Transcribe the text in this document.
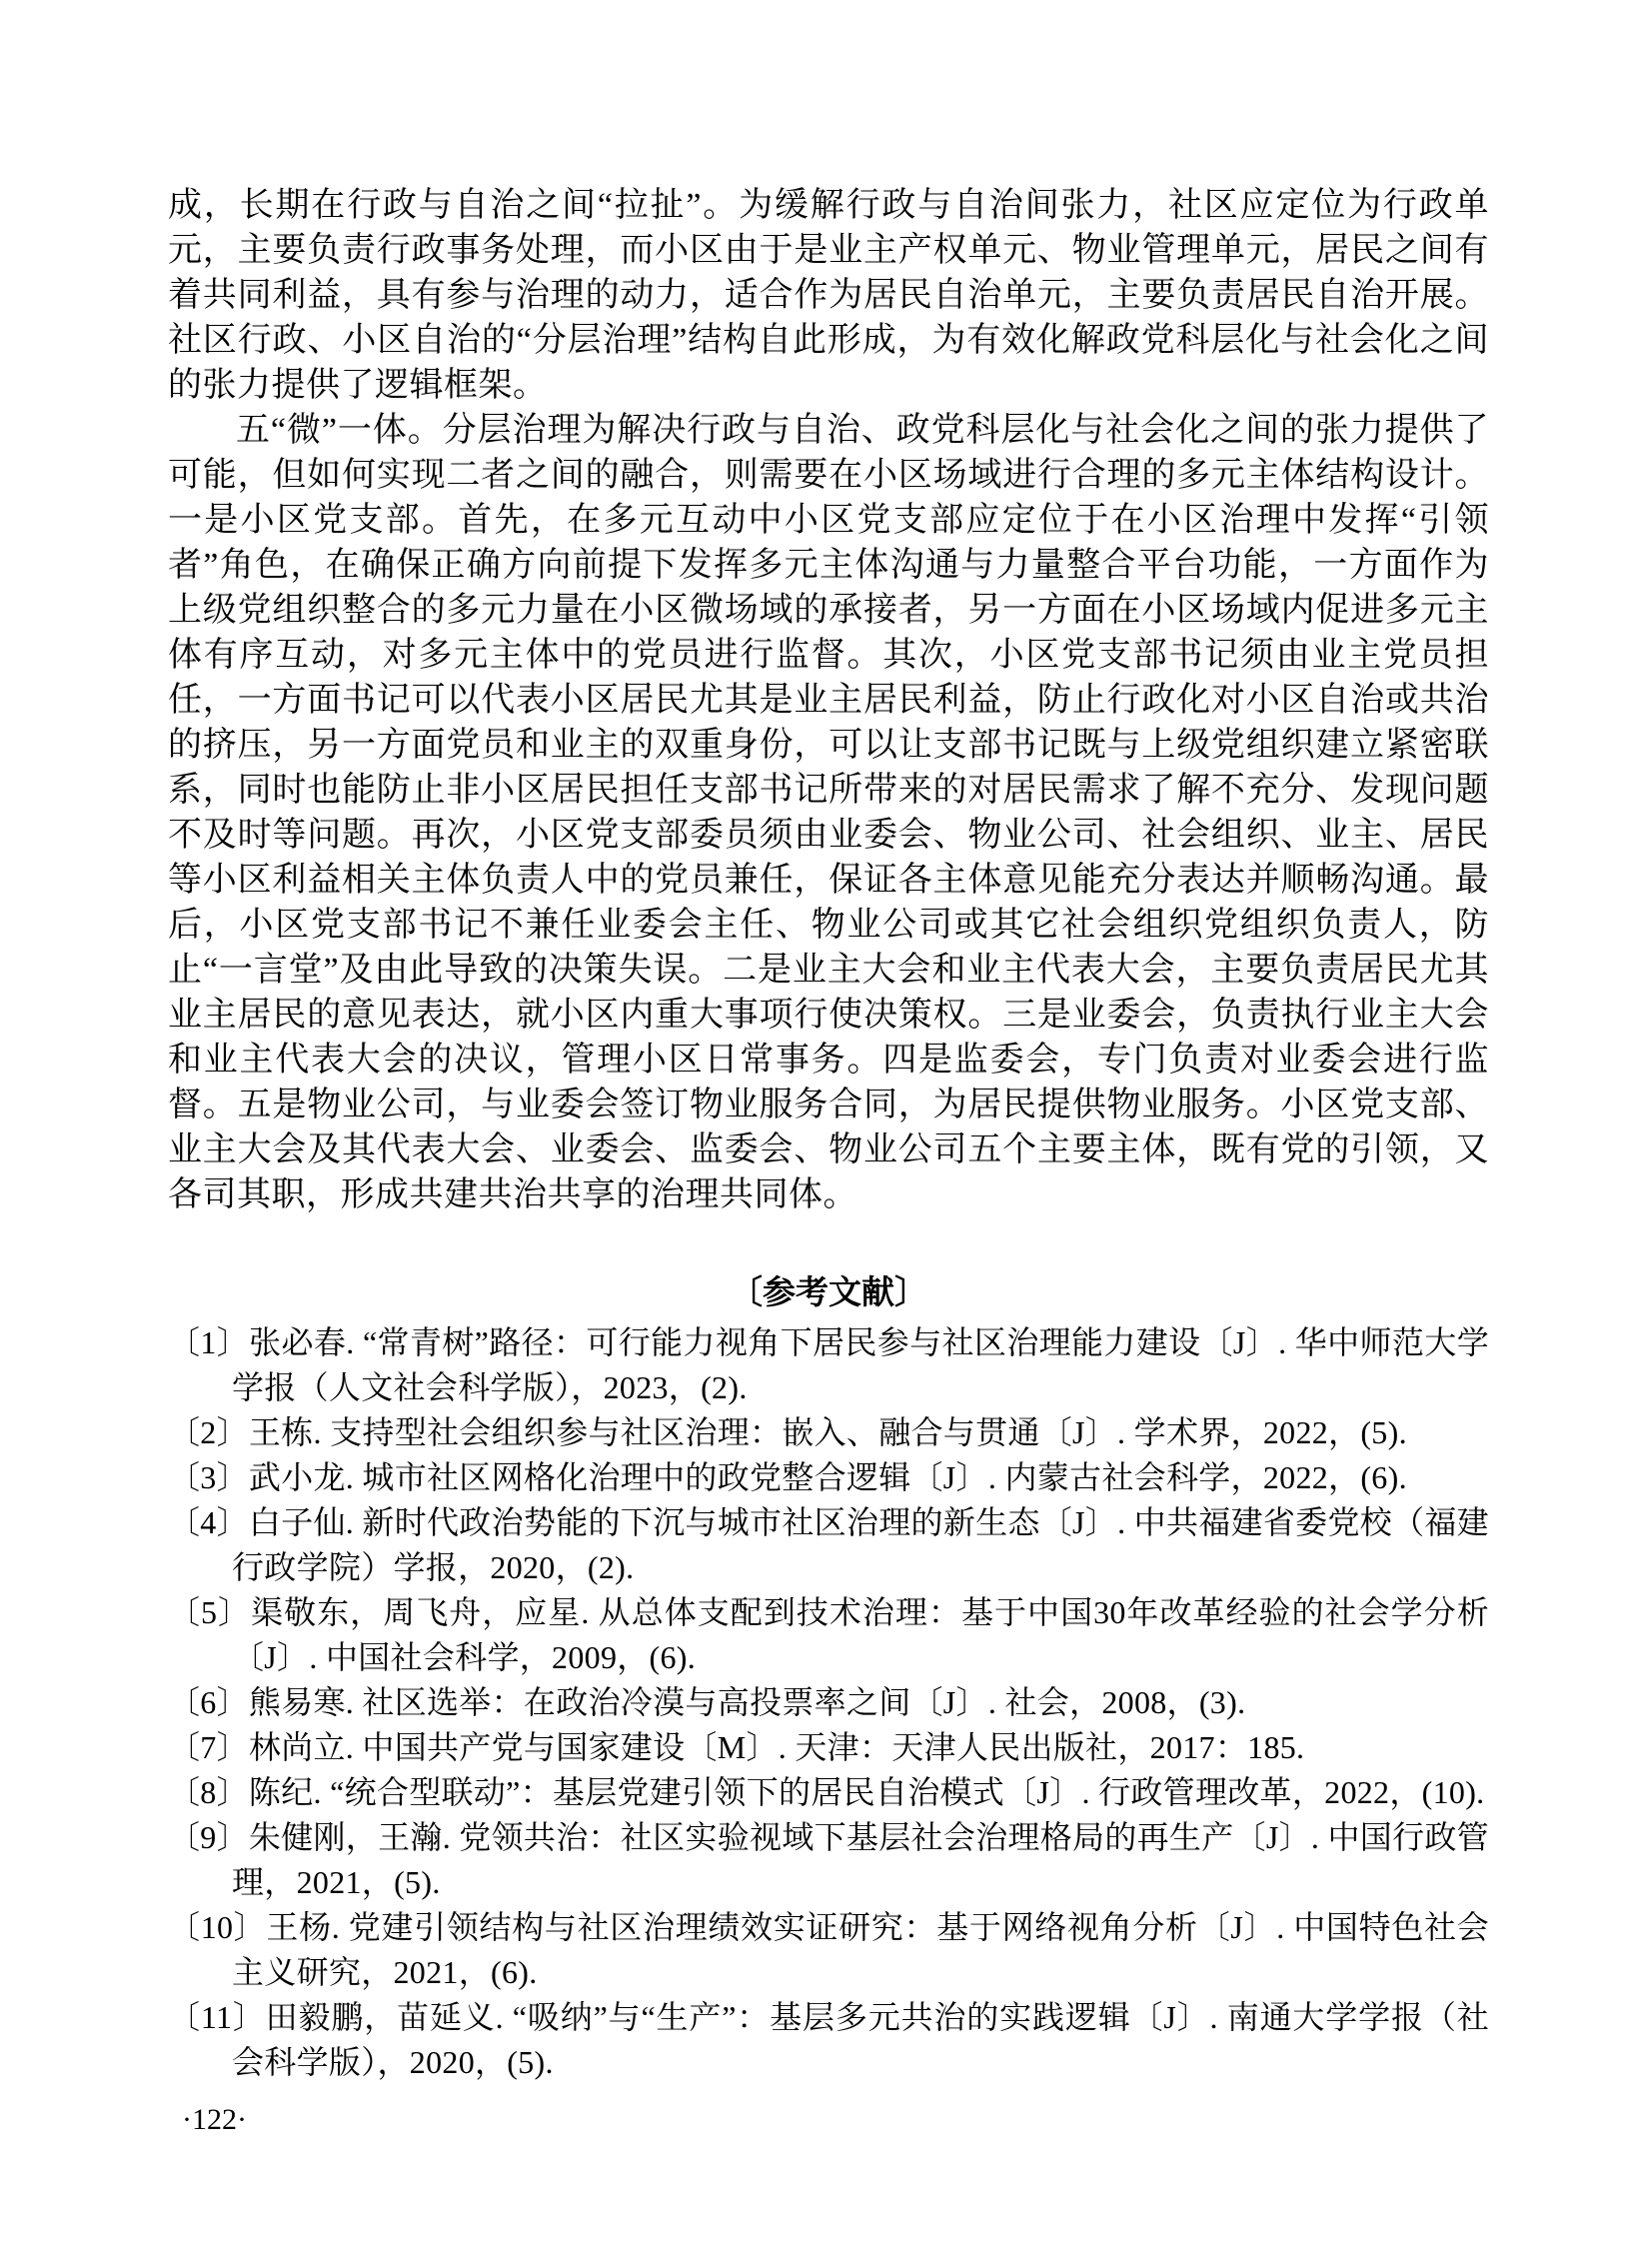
成，长期在行政与自治之间“拉扯”。为缓解行政与自治间张力，社区应定位为行政单元，主要负责行政事务处理，而小区由于是业主产权单元、物业管理单元，居民之间有着共同利益，具有参与治理的动力，适合作为居民自治单元，主要负责居民自治开展。社区行政、小区自治的“分层治理”结构自此形成，为有效化解政党科层化与社会化之间的张力提供了逻辑框架。

五“微”一体。分层治理为解决行政与自治、政党科层化与社会化之间的张力提供了可能，但如何实现二者之间的融合，则需要在小区场域进行合理的多元主体结构设计。一是小区党支部。首先，在多元互动中小区党支部应定位于在小区治理中发挥“引领者”角色，在确保正确方向前提下发挥多元主体沟通与力量整合平台功能，一方面作为上级党组织整合的多元力量在小区微场域的承接者，另一方面在小区场域内促进多元主体有序互动，对多元主体中的党员进行监督。其次，小区党支部书记须由业主党员担任，一方面书记可以代表小区居民尤其是业主居民利益，防止行政化对小区自治或共治的挤压，另一方面党员和业主的双重身份，可以让支部书记既与上级党组织建立紧密联系，同时也能防止非小区居民担任支部书记所带来的对居民需求了解不充分、发现问题不及时等问题。再次，小区党支部委员须由业委会、物业公司、社会组织、业主、居民等小区利益相关主体负责人中的党员兼任，保证各主体意见能充分表达并顺畅沟通。最后，小区党支部书记不兼任业委会主任、物业公司或其它社会组织党组织负责人，防止“一言堂”及由此导致的决策失误。二是业主大会和业主代表大会，主要负责居民尤其业主居民的意见表达，就小区内重大事项行使决策权。三是业委会，负责执行业主大会和业主代表大会的决议，管理小区日常事务。四是监委会，专门负责对业委会进行监督。五是物业公司，与业委会签订物业服务合同，为居民提供物业服务。小区党支部、业主大会及其代表大会、业委会、监委会、物业公司五个主要主体，既有党的引领，又各司其职，形成共建共治共享的治理共同体。

〔参考文献〕
〔1〕张必春. “常青树”路径：可行能力视角下居民参与社区治理能力建设〔J〕. 华中师范大学学报（人文社会科学版），2023，(2).
〔2〕王栋. 支持型社会组织参与社区治理：嵌入、融合与贯通〔J〕. 学术界，2022，(5).
〔3〕武小龙. 城市社区网格化治理中的政党整合逻辑〔J〕. 内蒙古社会科学，2022，(6).
〔4〕白子仙. 新时代政治势能的下沉与城市社区治理的新生态〔J〕. 中共福建省委党校（福建行政学院）学报，2020，(2).
〔5〕渠敬东，周飞舟，应星. 从总体支配到技术治理：基于中国30年改革经验的社会学分析〔J〕. 中国社会科学，2009，(6).
〔6〕熊易寒. 社区选举：在政治冷漠与高投票率之间〔J〕. 社会，2008，(3).
〔7〕林尚立. 中国共产党与国家建设〔M〕. 天津：天津人民出版社，2017：185.
〔8〕陈纪. “统合型联动”：基层党建引领下的居民自治模式〔J〕. 行政管理改革，2022，(10).
〔9〕朱健刚，王瀚. 党领共治：社区实验视域下基层社会治理格局的再生产〔J〕. 中国行政管理，2021，(5).
〔10〕王杨. 党建引领结构与社区治理绩效实证研究：基于网络视角分析〔J〕. 中国特色社会主义研究，2021，(6).
〔11〕田毅鹏，苗延义. “吸纳”与“生产”：基层多元共治的实践逻辑〔J〕. 南通大学学报（社会科学版），2020，(5).
·122·
